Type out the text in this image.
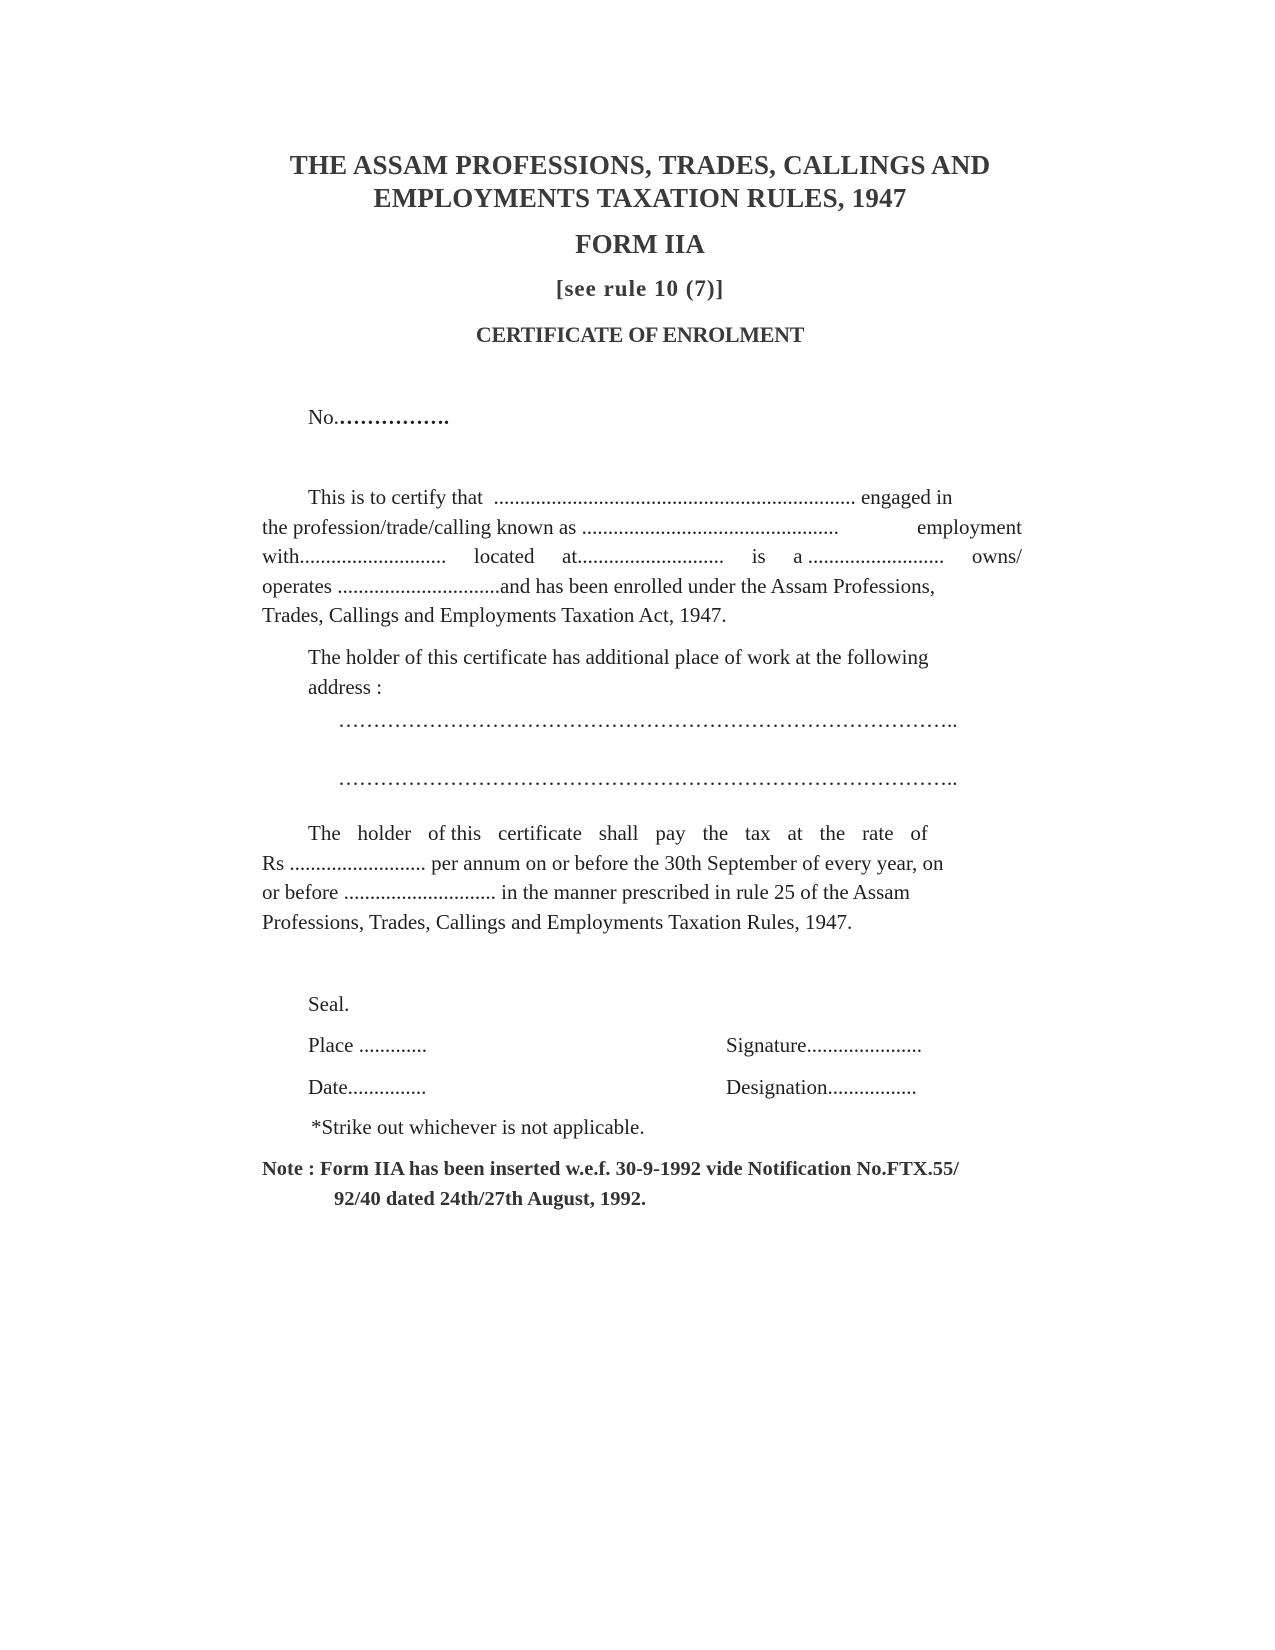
THE ASSAM PROFESSIONS, TRADES, CALLINGS AND
EMPLOYMENTS TAXATION RULES, 1947
FORM IIA
[see rule 10 (7)]
CERTIFICATE OF ENROLMENT

No.…………….

This is to certify that
..................................................................... engaged in
the profession/trade/calling known as .................................................	employment
with............................ located at............................ is a .......................... owns/
operates ...............................and has been enrolled under the Assam Professions,
Trades, Callings and Employments Taxation Act, 1947.
The holder of this certificate has additional place of work at the following
address :

……………………………………………………………………………..

……………………………………………………………………………..

The holder of this certificate shall pay the tax at the rate of
Rs .......................... per annum on or before the 30th September of every year, on
or before ............................. in the manner prescribed in rule 25 of the Assam
Professions, Trades, Callings and Employments Taxation Rules, 1947.

Seal.

Place .............

Date...............

Signature......................

Designation.................

*Strike out whichever is not applicable.

Note : Form IIA has been inserted w.e.f. 30-9-1992 vide Notification No.FTX.55/
92/40 dated 24th/27th August, 1992.
